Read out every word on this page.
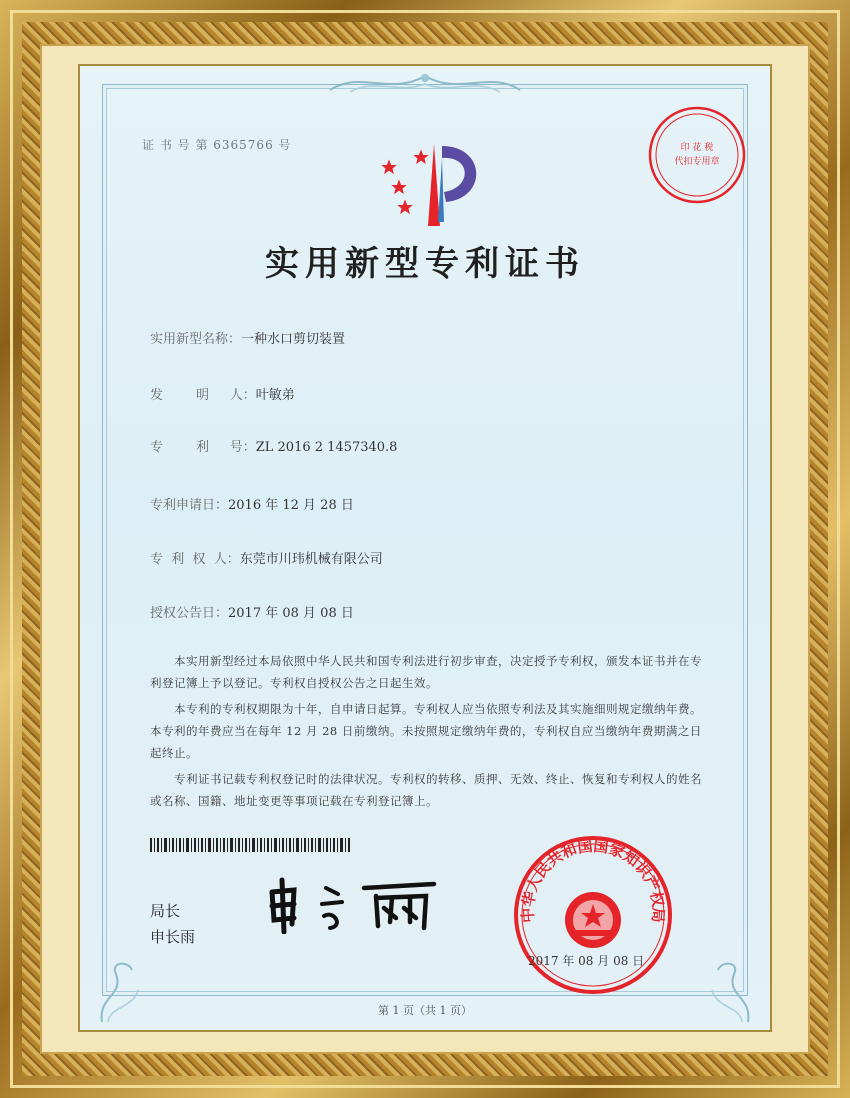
证 书 号 第 6365766 号	印 花 税
代扣专用章
实用新型专利证书
实用新型名称：一种水口剪切装置
发        明     人：叶敏弟
专        利     号：ZL 2016 2 1457340.8
专利申请日：2016 年 12 月 28 日
专  利  权  人：东莞市川玮机械有限公司
授权公告日：2017 年 08 月 08 日
本实用新型经过本局依照中华人民共和国专利法进行初步审查，决定授予专利权，颁发本证书并在专利登记簿上予以登记。专利权自授权公告之日起生效。
本专利的专利权期限为十年，自申请日起算。专利权人应当依照专利法及其实施细则规定缴纳年费。本专利的年费应当在每年 12 月 28 日前缴纳。未按照规定缴纳年费的，专利权自应当缴纳年费期满之日起终止。
专利证书记载专利权登记时的法律状况。专利权的转移、质押、无效、终止、恢复和专利权人的姓名或名称、国籍、地址变更等事项记载在专利登记簿上。
局长
申长雨
中华人民共和国国家知识产权局
2017 年 08 月 08 日
第 1 页（共 1 页）
